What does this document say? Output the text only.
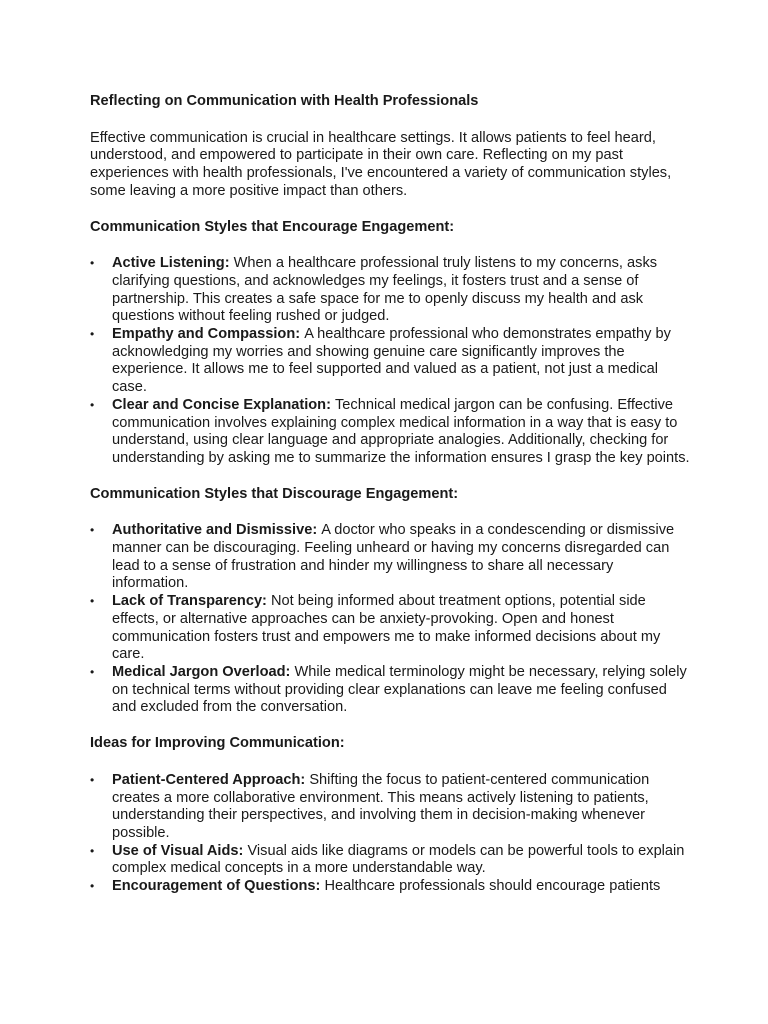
Reflecting on Communication with Health Professionals
Effective communication is crucial in healthcare settings. It allows patients to feel heard, understood, and empowered to participate in their own care. Reflecting on my past experiences with health professionals, I've encountered a variety of communication styles, some leaving a more positive impact than others.
Communication Styles that Encourage Engagement:
•
Active Listening: When a healthcare professional truly listens to my concerns, asks clarifying questions, and acknowledges my feelings, it fosters trust and a sense of partnership. This creates a safe space for me to openly discuss my health and ask questions without feeling rushed or judged.
•
Empathy and Compassion: A healthcare professional who demonstrates empathy by acknowledging my worries and showing genuine care significantly improves the experience. It allows me to feel supported and valued as a patient, not just a medical case.
•
Clear and Concise Explanation: Technical medical jargon can be confusing. Effective communication involves explaining complex medical information in a way that is easy to understand, using clear language and appropriate analogies. Additionally, checking for understanding by asking me to summarize the information ensures I grasp the key points.
Communication Styles that Discourage Engagement:
•
Authoritative and Dismissive: A doctor who speaks in a condescending or dismissive manner can be discouraging. Feeling unheard or having my concerns disregarded can lead to a sense of frustration and hinder my willingness to share all necessary information.
•
Lack of Transparency: Not being informed about treatment options, potential side effects, or alternative approaches can be anxiety-provoking. Open and honest communication fosters trust and empowers me to make informed decisions about my care.
•
Medical Jargon Overload: While medical terminology might be necessary, relying solely on technical terms without providing clear explanations can leave me feeling confused and excluded from the conversation.
Ideas for Improving Communication:
•
Patient-Centered Approach: Shifting the focus to patient-centered communication creates a more collaborative environment. This means actively listening to patients, understanding their perspectives, and involving them in decision-making whenever possible.
•
Use of Visual Aids: Visual aids like diagrams or models can be powerful tools to explain complex medical concepts in a more understandable way.
•
Encouragement of Questions: Healthcare professionals should encourage patients
